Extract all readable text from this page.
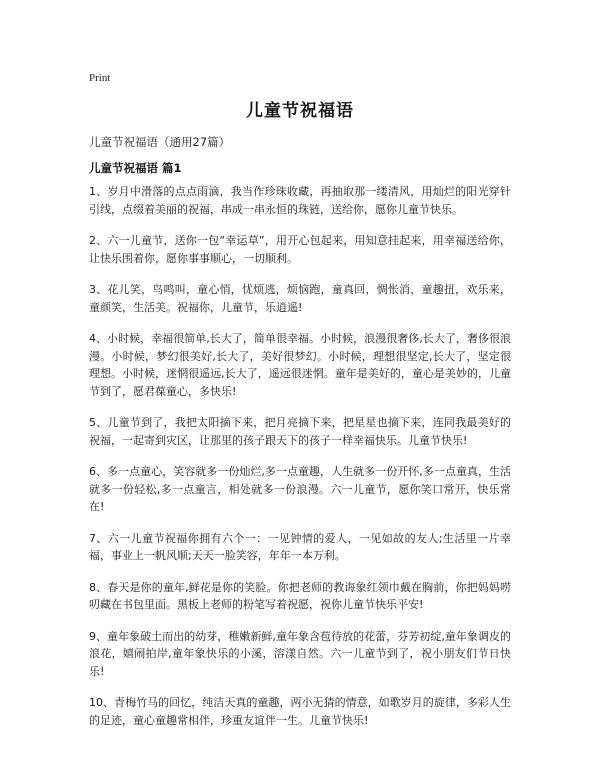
Print
儿童节祝福语
儿童节祝福语（通用27篇）
儿童节祝福语 篇1

1、岁月中滑落的点点雨滴，我当作珍珠收藏，再抽取那一缕清风，用灿烂的阳光穿针引线，点缀着美丽的祝福，串成一串永恒的珠链，送给你，愿你儿童节快乐。

2、六一儿童节，送你一包“幸运草”，用开心包起来，用知意挂起来，用幸福送给你，让快乐围着你，愿你事事顺心，一切顺利。

3、花儿笑，鸟鸣叫，童心悄，忧烦逃，烦恼跑，童真回，惆怅消，童趣扭，欢乐来，童颜笑，生活美。祝福你，儿童节，乐逍遥!

4、小时候，幸福很简单,长大了，简单很幸福。小时候，浪漫很奢侈,长大了，奢侈很浪漫。小时候，梦幻很美好,长大了，美好很梦幻。小时候，理想很坚定,长大了，坚定很理想。小时候，迷惘很遥远,长大了，遥远很迷惘。童年是美好的，童心是美妙的，儿童节到了，愿君葆童心，多快乐!

5、儿童节到了，我把太阳摘下来，把月亮摘下来，把星星也摘下来，连同我最美好的祝福，一起寄到灾区，让那里的孩子跟天下的孩子一样幸福快乐。儿童节快乐!

6、多一点童心，笑容就多一份灿烂,多一点童趣，人生就多一份开怀,多一点童真，生活就多一份轻松,多一点童言，相处就多一份浪漫。六一儿童节，愿你笑口常开，快乐常在!

7、六一儿童节祝福你拥有六个一：一见钟情的爱人，一见如故的友人;生活里一片幸福，事业上一帆风顺;天天一脸笑容，年年一本万利。

8、春天是你的童年,鲜花是你的笑脸。你把老师的教诲象红领巾戴在胸前，你把妈妈唠叨藏在书包里面。黑板上老师的粉笔写着祝愿，祝你儿童节快乐平安!

9、童年象破土而出的幼芽，稚嫩新鲜,童年象含苞待放的花蕾，芬芳初绽,童年象调皮的浪花，嬉闹拍岸,童年象快乐的小溪，溶漾自然。六一儿童节到了，祝小朋友们节日快乐!

10、青梅竹马的回忆，纯洁天真的童趣，两小无猜的情意，如歌岁月的旋律，多彩人生的足迹，童心童趣常相伴，珍重友谊伴一生。儿童节快乐!
